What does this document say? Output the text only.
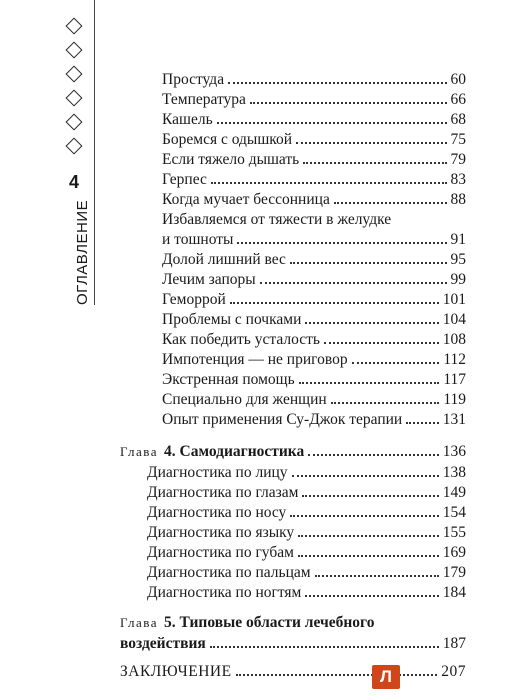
4
ОГЛАВЛЕНИЕ
Простуда	60
Температура	66
Кашель	68
Боремся с одышкой	75
Если тяжело дышать	79
Герпес	83
Когда мучает бессонница	88
Избавляемся от тяжести в желудке
и тошноты	91
Долой лишний вес	95
Лечим запоры	99
Геморрой	101
Проблемы с почками	104
Как победить усталость	108
Импотенция — не приговор	112
Экстренная помощь	117
Специально для женщин	119
Опыт применения Су-Джок терапии	131
Глава 4. Самодиагностика	136
Диагностика по лицу	138
Диагностика по глазам	149
Диагностика по носу	154
Диагностика по языку	155
Диагностика по губам	169
Диагностика по пальцам	179
Диагностика по ногтям	184
Глава 5. Типовые области лечебного
воздействия	187
ЗАКЛЮЧЕНИЕ	207
Л
